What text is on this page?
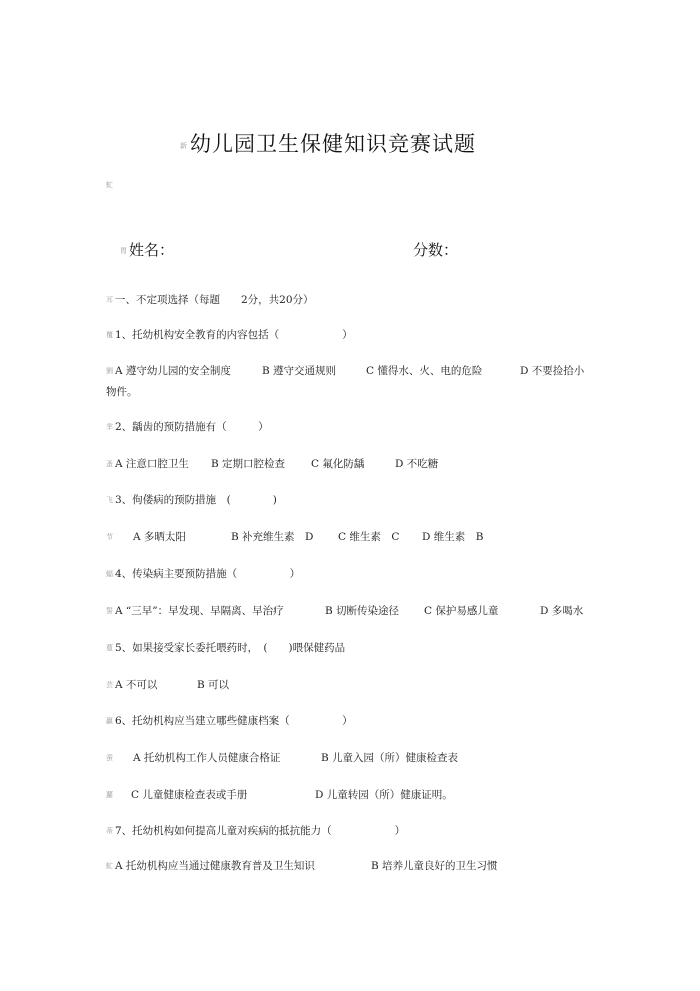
新幼儿园卫生保健知识竞赛试题
虻
胃 姓名：	分数：
耳 一、不定项选择（每题　　2分，共20分）
覆 1、托幼机构安全教育的内容包括（　　　　　　）
劉 A 遵守幼儿园的安全制度	B 遵守交通规则	C 懂得水、火、电的危险	D 不要捡拾小
物件。
芈 2、龋齿的预防措施有（　　　）
蚤 A 注意口腔卫生 B 定期口腔检查 C 氟化防龋	D 不吃糖
飞 3、佝偻病的预防措施　(　　　　)
节 A 多晒太阳	B 补充维生素　D C 维生素　C D 维生素　B
蝠 4、传染病主要预防措施（　　　　　）
誓 A “三早”：早发现、早隔离、早治疗	B 切断传染途径 C 保护易感儿童	D 多喝水
蔓 5、如果接受家长委托喂药时，　(　　)喂保健药品
芸 A 不可以	B 可以
贏 6、托幼机构应当建立哪些健康档案（　　　　　）
蚕 A 托幼机构工作人员健康合格证	B 儿童入园（所）健康检查表
蘿 C 儿童健康检查表或手册	D 儿童转园（所）健康证明。
蒂 7、托幼机构如何提高儿童对疾病的抵抗能力（　　　　　　）
虻 A 托幼机构应当通过健康教育普及卫生知识	B 培养儿童良好的卫生习惯
